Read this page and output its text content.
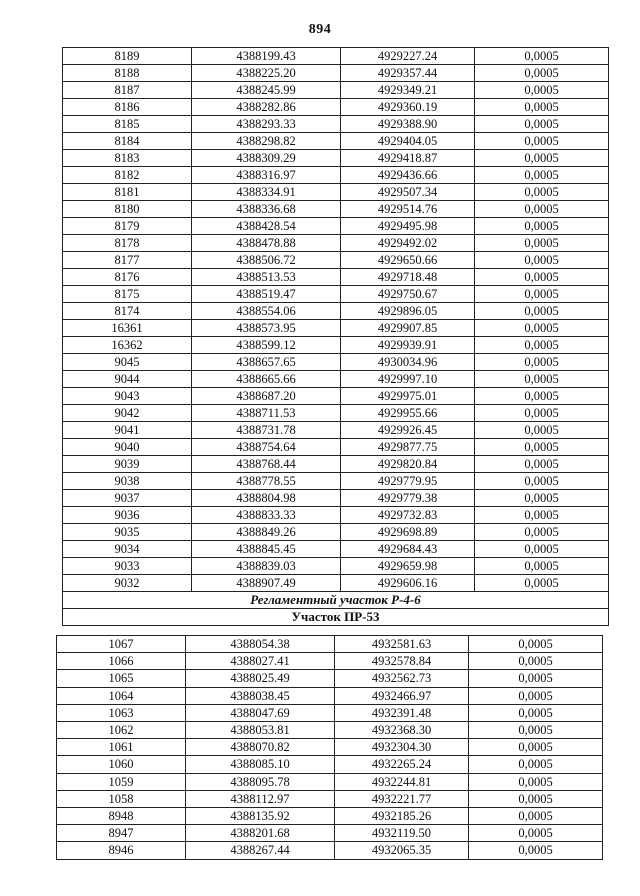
894
8189	4388199.43	4929227.24	0,0005
8188	4388225.20	4929357.44	0,0005
8187	4388245.99	4929349.21	0,0005
8186	4388282.86	4929360.19	0,0005
8185	4388293.33	4929388.90	0,0005
8184	4388298.82	4929404.05	0,0005
8183	4388309.29	4929418.87	0,0005
8182	4388316.97	4929436.66	0,0005
8181	4388334.91	4929507.34	0,0005
8180	4388336.68	4929514.76	0,0005
8179	4388428.54	4929495.98	0,0005
8178	4388478.88	4929492.02	0,0005
8177	4388506.72	4929650.66	0,0005
8176	4388513.53	4929718.48	0,0005
8175	4388519.47	4929750.67	0,0005
8174	4388554.06	4929896.05	0,0005
16361	4388573.95	4929907.85	0,0005
16362	4388599.12	4929939.91	0,0005
9045	4388657.65	4930034.96	0,0005
9044	4388665.66	4929997.10	0,0005
9043	4388687.20	4929975.01	0,0005
9042	4388711.53	4929955.66	0,0005
9041	4388731.78	4929926.45	0,0005
9040	4388754.64	4929877.75	0,0005
9039	4388768.44	4929820.84	0,0005
9038	4388778.55	4929779.95	0,0005
9037	4388804.98	4929779.38	0,0005
9036	4388833.33	4929732.83	0,0005
9035	4388849.26	4929698.89	0,0005
9034	4388845.45	4929684.43	0,0005
9033	4388839.03	4929659.98	0,0005
9032	4388907.49	4929606.16	0,0005
Регламентный участок Р-4-6			
Участок ПР-53			
1067	4388054.38	4932581.63	0,0005
1066	4388027.41	4932578.84	0,0005
1065	4388025.49	4932562.73	0,0005
1064	4388038.45	4932466.97	0,0005
1063	4388047.69	4932391.48	0,0005
1062	4388053.81	4932368.30	0,0005
1061	4388070.82	4932304.30	0,0005
1060	4388085.10	4932265.24	0,0005
1059	4388095.78	4932244.81	0,0005
1058	4388112.97	4932221.77	0,0005
8948	4388135.92	4932185.26	0,0005
8947	4388201.68	4932119.50	0,0005
8946	4388267.44	4932065.35	0,0005
